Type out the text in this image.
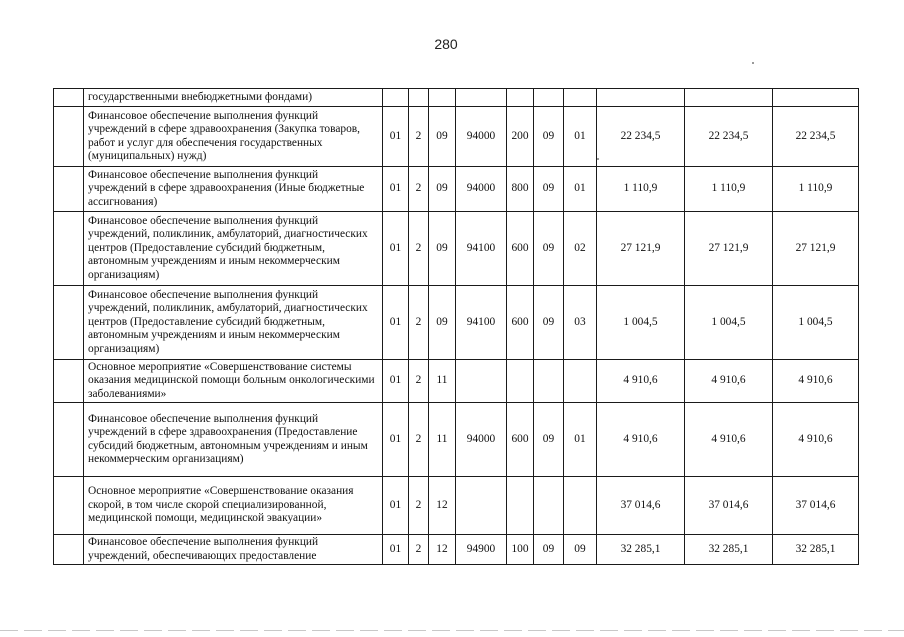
280
	государственными внебюджетными фондами)										
	Финансовое обеспечение выполнения функций учреждений в сфере здравоохранения (Закупка товаров, работ и услуг для обеспечения государственных (муниципальных) нужд)	01	2	09	94000	200	09	01	22 234,5	22 234,5	22 234,5
	Финансовое обеспечение выполнения функций учреждений в сфере здравоохранения (Иные бюджетные ассигнования)	01	2	09	94000	800	09	01	1 110,9	1 110,9	1 110,9
	Финансовое обеспечение выполнения функций учреждений, поликлиник, амбулаторий, диагностических центров (Предоставление субсидий бюджетным, автономным учреждениям и иным некоммерческим организациям)	01	2	09	94100	600	09	02	27 121,9	27 121,9	27 121,9
	Финансовое обеспечение выполнения функций учреждений, поликлиник, амбулаторий, диагностических центров (Предоставление субсидий бюджетным, автономным учреждениям и иным некоммерческим организациям)	01	2	09	94100	600	09	03	1 004,5	1 004,5	1 004,5
	Основное мероприятие «Совершенствование системы оказания медицинской помощи больным онкологическими заболеваниями»	01	2	11					4 910,6	4 910,6	4 910,6
	Финансовое обеспечение выполнения функций учреждений в сфере здравоохранения (Предоставление субсидий бюджетным, автономным учреждениям и иным некоммерческим организациям)	01	2	11	94000	600	09	01	4 910,6	4 910,6	4 910,6
	Основное мероприятие «Совершенствование оказания скорой, в том числе скорой специализированной, медицинской помощи, медицинской эвакуации»	01	2	12					37 014,6	37 014,6	37 014,6
	Финансовое обеспечение выполнения функций учреждений, обеспечивающих предоставление	01	2	12	94900	100	09	09	32 285,1	32 285,1	32 285,1
